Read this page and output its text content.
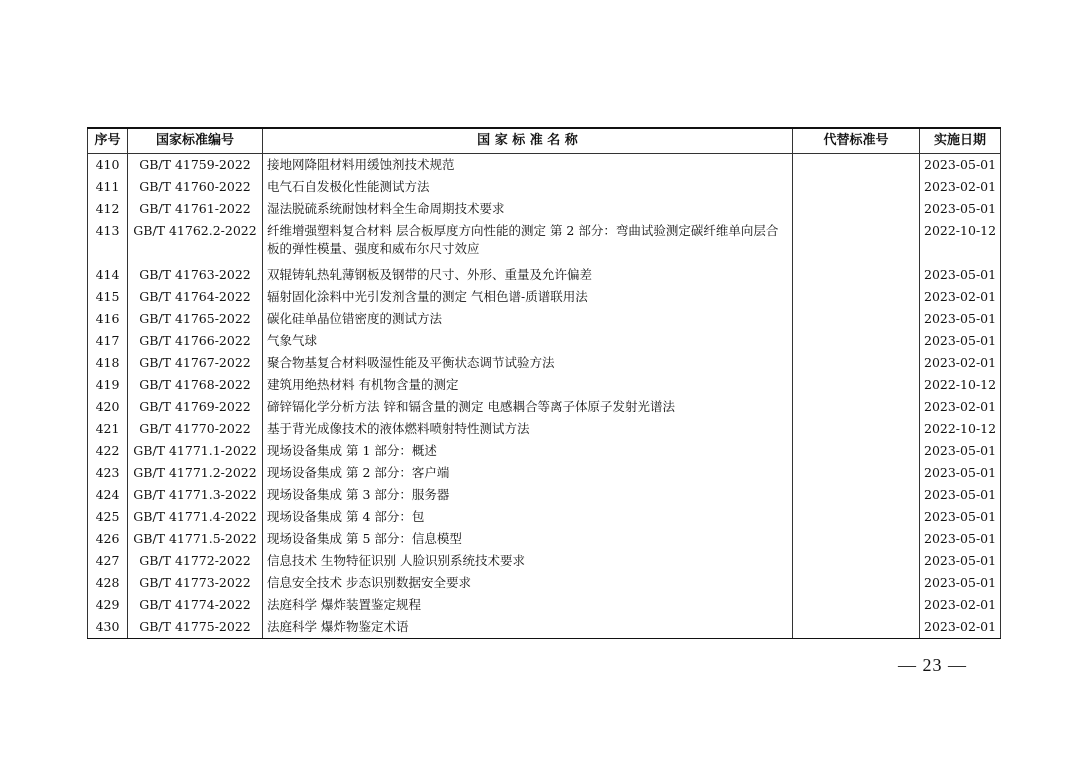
序号	国家标准编号	国 家 标 准 名 称	代替标准号	实施日期
410	GB/T 41759-2022	接地网降阻材料用缓蚀剂技术规范		2023-05-01
411	GB/T 41760-2022	电气石自发极化性能测试方法		2023-02-01
412	GB/T 41761-2022	湿法脱硫系统耐蚀材料全生命周期技术要求		2023-05-01
413	GB/T 41762.2-2022	纤维增强塑料复合材料 层合板厚度方向性能的测定 第 2 部分：弯曲试验测定碳纤维单向层合板的弹性模量、强度和威布尔尺寸效应		2022-10-12
414	GB/T 41763-2022	双辊铸轧热轧薄钢板及钢带的尺寸、外形、重量及允许偏差		2023-05-01
415	GB/T 41764-2022	辐射固化涂料中光引发剂含量的测定 气相色谱-质谱联用法		2023-02-01
416	GB/T 41765-2022	碳化硅单晶位错密度的测试方法		2023-05-01
417	GB/T 41766-2022	气象气球		2023-05-01
418	GB/T 41767-2022	聚合物基复合材料吸湿性能及平衡状态调节试验方法		2023-02-01
419	GB/T 41768-2022	建筑用绝热材料 有机物含量的测定		2022-10-12
420	GB/T 41769-2022	碲锌镉化学分析方法 锌和镉含量的测定 电感耦合等离子体原子发射光谱法		2023-02-01
421	GB/T 41770-2022	基于背光成像技术的液体燃料喷射特性测试方法		2022-10-12
422	GB/T 41771.1-2022	现场设备集成 第 1 部分：概述		2023-05-01
423	GB/T 41771.2-2022	现场设备集成 第 2 部分：客户端		2023-05-01
424	GB/T 41771.3-2022	现场设备集成 第 3 部分：服务器		2023-05-01
425	GB/T 41771.4-2022	现场设备集成 第 4 部分：包		2023-05-01
426	GB/T 41771.5-2022	现场设备集成 第 5 部分：信息模型		2023-05-01
427	GB/T 41772-2022	信息技术 生物特征识别 人脸识别系统技术要求		2023-05-01
428	GB/T 41773-2022	信息安全技术 步态识别数据安全要求		2023-05-01
429	GB/T 41774-2022	法庭科学 爆炸装置鉴定规程		2023-02-01
430	GB/T 41775-2022	法庭科学 爆炸物鉴定术语		2023-02-01
— 23 —
